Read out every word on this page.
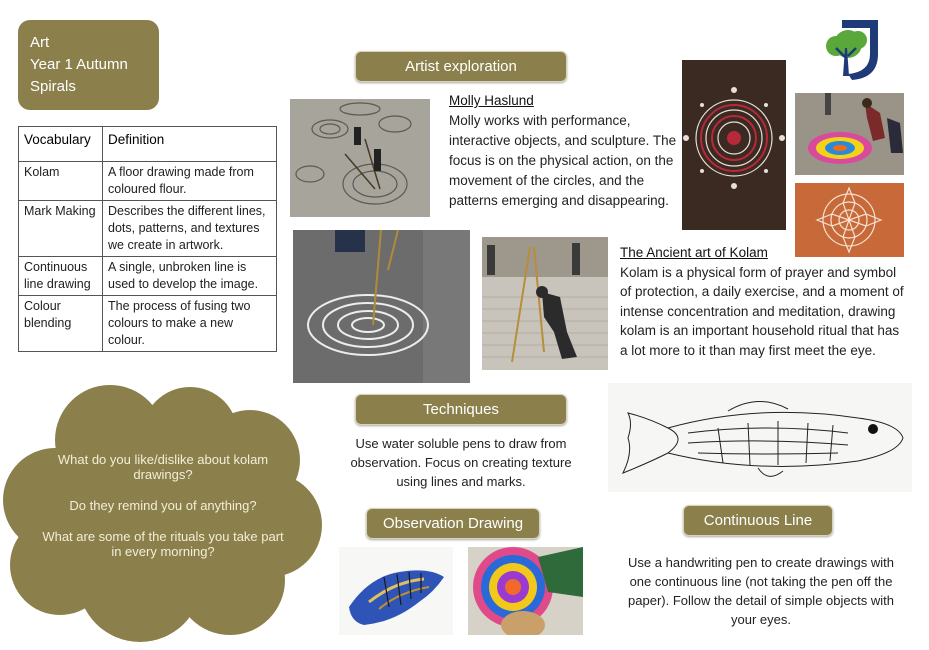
Art
Year 1 Autumn
Spirals
Vocabulary	Definition
Kolam	A floor drawing made from coloured flour.
Mark Making	Describes the different lines, dots, patterns, and textures we create in artwork.
Continuous line drawing	A single, unbroken line is used to develop the image.
Colour blending	The process of fusing two colours to make a new colour.

What do you like/dislike about kolam drawings?

Do they remind you of anything?

What are some of the rituals you take part in every morning?

Artist exploration
Techniques
Observation Drawing	Continuous Line
Molly Haslund
Molly works with performance, interactive objects, and sculpture. The focus is on the physical action, on the movement of the circles, and the patterns emerging and disappearing.
The Ancient art of Kolam
Kolam is a physical form of prayer and symbol of protection, a daily exercise, and a moment of intense concentration and meditation, drawing kolam is an important household ritual that has a lot more to it than may first meet the eye.
Use water soluble pens to draw from observation. Focus on creating texture using lines and marks.
Use a handwriting pen to create drawings with one continuous line (not taking the pen off the paper). Follow the detail of simple objects with your eyes.
